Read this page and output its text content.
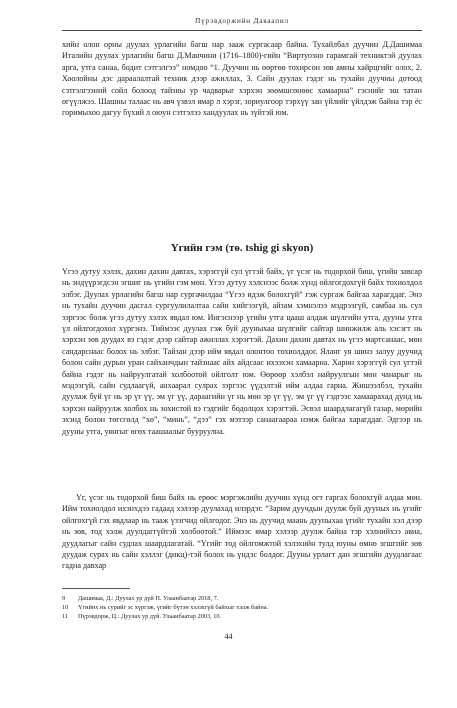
Пүрэвдоржийн Даваапил

хийн олон орны дуулах урлагийн багш нар зааж сургасаар байна. Тухайлбал дуучин Д.Дашимаа Италийн дуулах урлагийн багш Д.Манчини (1716–1800)-гийн “Виртуозно гарамгай техниктэй дуулах арга, утга санаа, бодит сэтгэлгээ” номдоо “1. Дуучин нь өөртөө тохирсон зөв амны хайрцгийг олох, 2. Хоолойны дэс дараалалтай техник дээр ажиллах, 3. Сайн дуулах гэдэг нь тухайн дуучны дотоод сэтгэлгээний сойл болоод тайзны ур чадварыг хэрхэн зөөмшсөнөөс хамаарна” гэснийг эш татан өгүүлжээ. Шашны талаас нь авч үзвэл ямар л хэрэг, зориулгоор тэрхүү зан үйлийг үйлдэж байна тэр ёс горимыхоо дагуу бүхий л оюун сэтгэлээ хандуулах нь зүйтэй юм.

Үгийн гэм (тө. tshig gi skyon)

Үгээ дутуу хэлэх, дахин дахин давтах, хэрэггүй сул үгтэй байх, үг үсэг нь тодорхой биш, үгийн завсар нь эндүүрэгдсэн эгшиг нь үгийн гэм мөн. Үгээ дутуу хэлснээс болж хүнд ойлгогдохгүй байх тохиолдол элбэг. Дуулах урлагийн багш нар сургачилдаа “Үгээ идэж болохгүй” гэж сургаж байгаа харагддаг. Энэ нь тухайн дуучин дасгал сургуулилалтаа сайн хийгээгүй, айзам хэмнэлээ мэдрээгүй, самбаа нь сул зэргээс болж үгээ дутуу хэлэх явдал юм. Ингэснээр үгийн утга цааш алдаж шүлгийн утга, дууны утга үл ойлгогдохол хүргэнэ. Тиймээс дуулах гэж буй дууныхаа шүлгийг сайтар шинжилж аль хэсэгт нь хэрхэн зөв дуудах вэ гэдэг дээр сайтар ажиллах хэрэгтэй. Дахин дахин давтах нь үгээ мартсанаас, мөн сандарснаас болох нь элбэг. Тайзан дээр ийм явдал олонтоо тохиолддог. Яланг уя шинэ залуу дуучид болон сайн дурын уран сайханчдын тайзнаас айх айдсаас ихээхэн хамаарна. Харин хэрэггүй сул үгтэй байна гэдэг нь найруулгатай холбоотой ойлголт юм. Өөрөөр хэлбэл найруулгын мөн чанарыг нь мэдээгүй, сайн судлаагүй, анхаарал сулрах зэргээс үүдэлтэй ийм алдаа гарна. Жишээлбэл, тухайн дуулаж буй үг нь эр үг үү, эм үг үү, дараагийн үг нь мөн эр үг үү, эм үг үү гэдгээс хамаарахад дунд нь хэрхэн найруулж холбох нь зохистой вэ гэдгийг бодолцох хэрэгтэй. Эсвэл шаардлагагүй газар, мөрийн эхэнд болон төгсгөлд “хө”, “минь”, “дээ” гэх мэтээр санаагаараа нэмж байгаа харагддаг. Эдгээр нь дууны утга, уянгыг өгөх таашаалыг бууруулна.

Үг, үсэг нь тодорхой биш байх нь ерөөс мэргэжлийн дуучин хүнд огт гаргах болохгүй алдаа мөн. Ийм тохиолдол ихэнхдээ гадаад хэлээр дуулахад илэрдэг. “Зарим дуучдын дуулж буй дууных нь үгийг ойлгохгүй гэх явдлаар нь тааж үзэгчид ойлгодог. Энэ нь дуучид маань дууныхаа үгийг тухайн хэл дээр нь зөв, тод хэлж дуулдаггүйтэй холбоотой.” Иймээс ямар хэлээр дуулж байна тэр хэлнийхээ авиа, дуудлагыг сайн судлах шаардлагатай. “Үгийг тод ойлгомжтой хэлэхийн тулд юуны өмнө эгшгийг зөв дуудаж сурах нь сайн хэллэг (дикц)-тэй болох нь үндэс болдог. Дууны урлагт дан эгшгийн дуудлагаас гадна давхар

9	Дашимаа, Д.: Дуулах ур дүй П. Улаанбаатар 2018, 7.
10	Үгийнх нь сурийг эс хүргэж, үгийг бүтэн хэлэхгүй байхыг хэлж байна.
11	Пүрэвдорж, Ц.: Дуулах ур дүй. Улаанбаатар 2003, 10.
44
